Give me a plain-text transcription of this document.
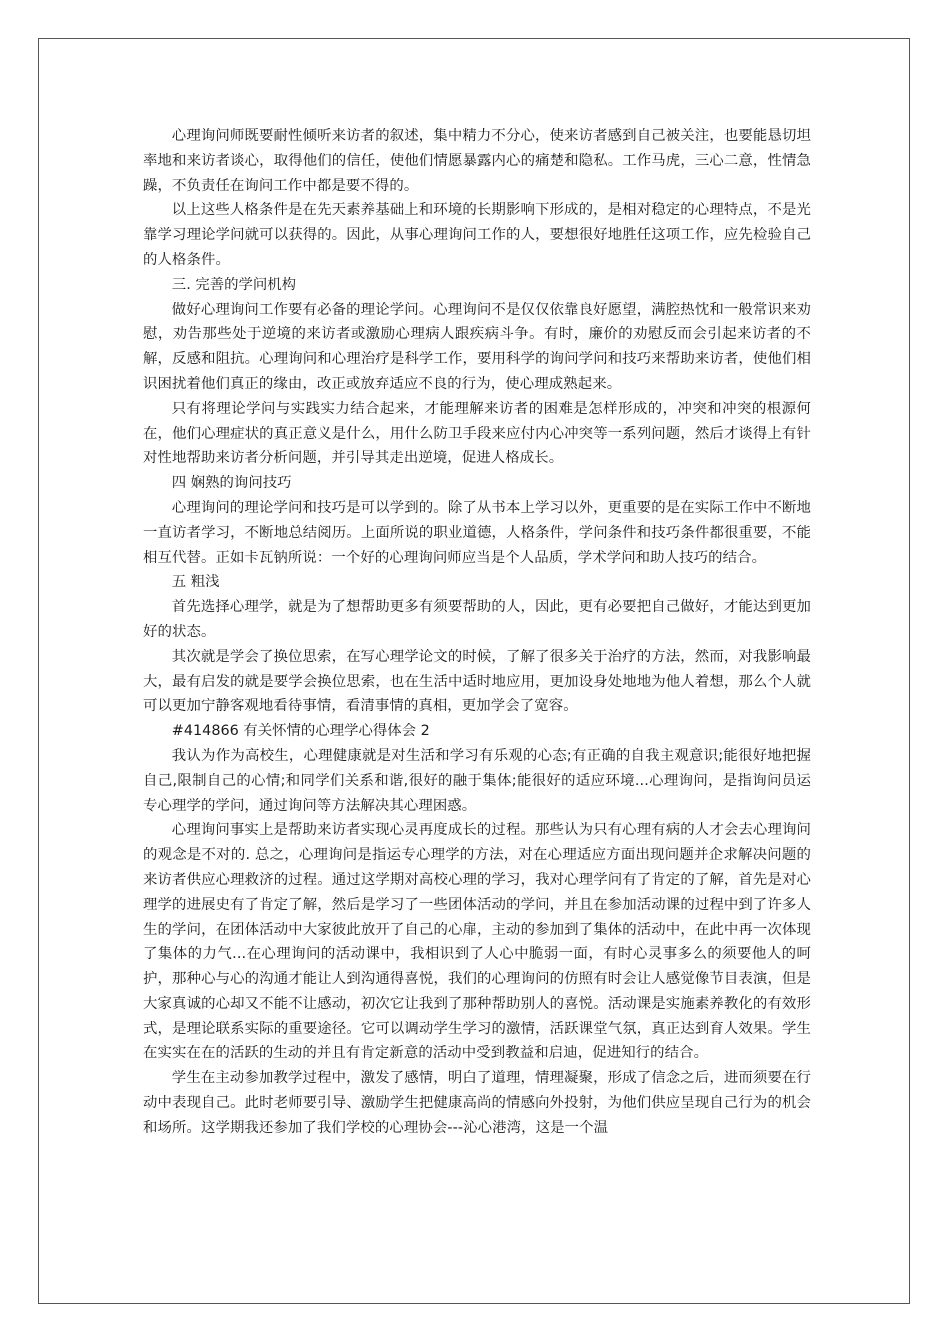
心理询问师既要耐性倾听来访者的叙述，集中精力不分心，使来访者感到自己被关注，也要能恳切坦率地和来访者谈心，取得他们的信任，使他们情愿暴露内心的痛楚和隐私。工作马虎，三心二意，性情急躁，不负责任在询问工作中都是要不得的。

以上这些人格条件是在先天素养基础上和环境的长期影响下形成的，是相对稳定的心理特点，不是光靠学习理论学问就可以获得的。因此，从事心理询问工作的人，要想很好地胜任这项工作，应先检验自己的人格条件。

三. 完善的学问机构

做好心理询问工作要有必备的理论学问。心理询问不是仅仅依靠良好愿望，满腔热忱和一般常识来劝慰，劝告那些处于逆境的来访者或激励心理病人跟疾病斗争。有时，廉价的劝慰反而会引起来访者的不解，反感和阻抗。心理询问和心理治疗是科学工作，要用科学的询问学问和技巧来帮助来访者，使他们相识困扰着他们真正的缘由，改正或放弃适应不良的行为，使心理成熟起来。

只有将理论学问与实践实力结合起来，才能理解来访者的困难是怎样形成的，冲突和冲突的根源何在，他们心理症状的真正意义是什么，用什么防卫手段来应付内心冲突等一系列问题，然后才谈得上有针对性地帮助来访者分析问题，并引导其走出逆境，促进人格成长。

四 娴熟的询问技巧

心理询问的理论学问和技巧是可以学到的。除了从书本上学习以外，更重要的是在实际工作中不断地一直访者学习，不断地总结阅历。上面所说的职业道德，人格条件，学问条件和技巧条件都很重要，不能相互代替。正如卡瓦钠所说：一个好的心理询问师应当是个人品质，学术学问和助人技巧的结合。

五 粗浅

首先选择心理学，就是为了想帮助更多有须要帮助的人，因此，更有必要把自己做好，才能达到更加好的状态。

其次就是学会了换位思索，在写心理学论文的时候，了解了很多关于治疗的方法，然而，对我影响最大，最有启发的就是要学会换位思索，也在生活中适时地应用，更加设身处地地为他人着想，那么个人就可以更加宁静客观地看待事情，看清事情的真相，更加学会了宽容。

#414866 有关怀情的心理学心得体会 2

我认为作为高校生，心理健康就是对生活和学习有乐观的心态;有正确的自我主观意识;能很好地把握自己,限制自己的心情;和同学们关系和谐,很好的融于集体;能很好的适应环境...心理询问，是指询问员运专心理学的学问，通过询问等方法解决其心理困惑。

心理询问事实上是帮助来访者实现心灵再度成长的过程。那些认为只有心理有病的人才会去心理询问的观念是不对的. 总之，心理询问是指运专心理学的方法，对在心理适应方面出现问题并企求解决问题的来访者供应心理救济的过程。通过这学期对高校心理的学习，我对心理学问有了肯定的了解，首先是对心理学的进展史有了肯定了解，然后是学习了一些团体活动的学问，并且在参加活动课的过程中到了许多人生的学问，在团体活动中大家彼此放开了自己的心扉，主动的参加到了集体的活动中，在此中再一次体现了集体的力气...在心理询问的活动课中，我相识到了人心中脆弱一面，有时心灵事多么的须要他人的呵护，那种心与心的沟通才能让人到沟通得喜悦，我们的心理询问的仿照有时会让人感觉像节目表演，但是大家真诚的心却又不能不让感动，初次它让我到了那种帮助别人的喜悦。活动课是实施素养教化的有效形式，是理论联系实际的重要途径。它可以调动学生学习的激情，活跃课堂气氛，真正达到育人效果。学生在实实在在的活跃的生动的并且有肯定新意的活动中受到教益和启迪，促进知行的结合。

学生在主动参加教学过程中，激发了感情，明白了道理，情理凝聚，形成了信念之后，进而须要在行动中表现自己。此时老师要引导、激励学生把健康高尚的情感向外投射，为他们供应呈现自己行为的机会和场所。这学期我还参加了我们学校的心理协会---沁心港湾，这是一个温
